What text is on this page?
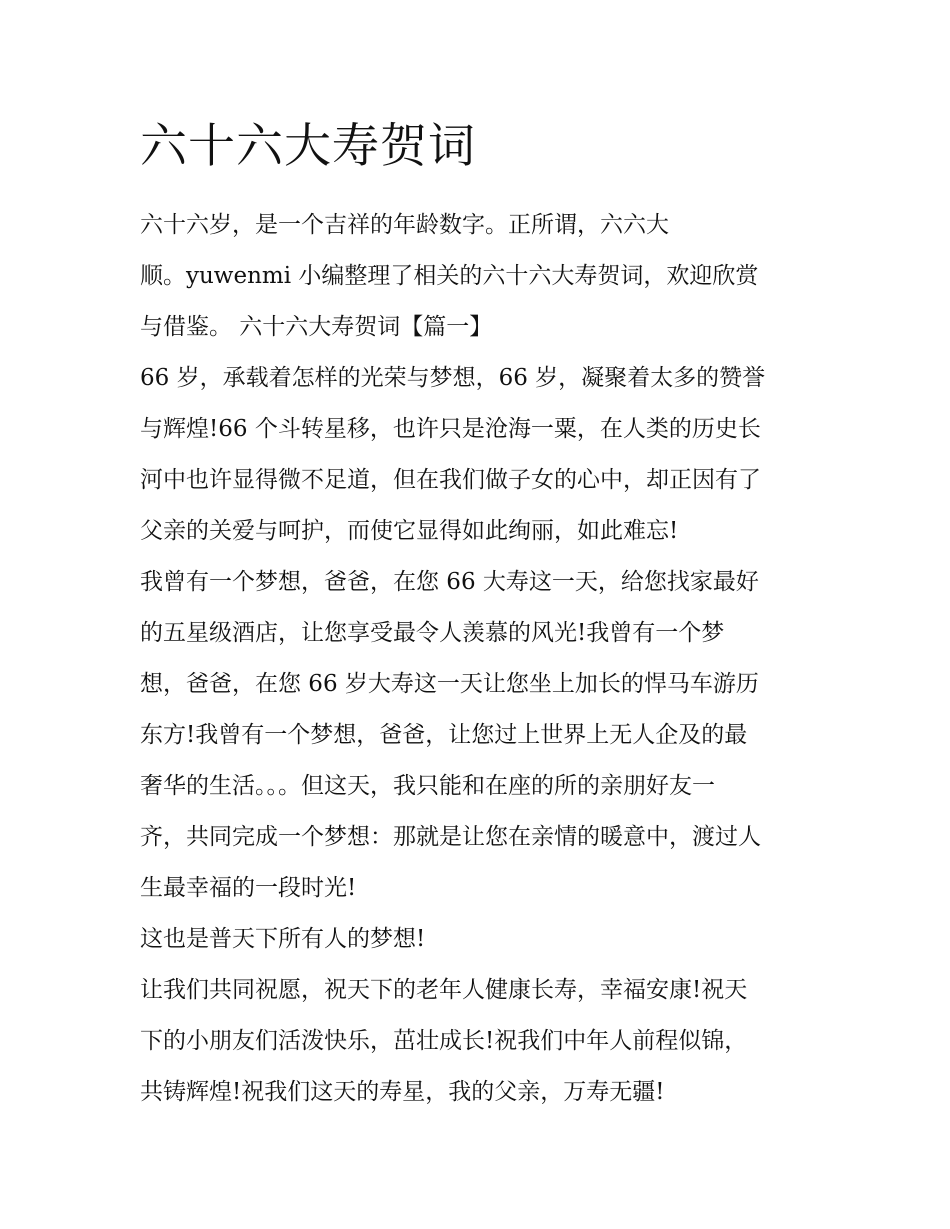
六十六大寿贺词
六十六岁，是一个吉祥的年龄数字。正所谓，六六大
顺。yuwenmi 小编整理了相关的六十六大寿贺词，欢迎欣赏
与借鉴。 六十六大寿贺词【篇一】
66 岁，承载着怎样的光荣与梦想，66 岁，凝聚着太多的赞誉
与辉煌!66 个斗转星移，也许只是沧海一粟，在人类的历史长
河中也许显得微不足道，但在我们做子女的心中，却正因有了
父亲的关爱与呵护，而使它显得如此绚丽，如此难忘!
我曾有一个梦想，爸爸，在您 66 大寿这一天，给您找家最好
的五星级酒店，让您享受最令人羡慕的风光!我曾有一个梦
想，爸爸，在您 66 岁大寿这一天让您坐上加长的悍马车游历
东方!我曾有一个梦想，爸爸，让您过上世界上无人企及的最
奢华的生活。。。但这天，我只能和在座的所的亲朋好友一
齐，共同完成一个梦想：那就是让您在亲情的暖意中，渡过人
生最幸福的一段时光!
这也是普天下所有人的梦想!
让我们共同祝愿，祝天下的老年人健康长寿，幸福安康!祝天
下的小朋友们活泼快乐，茁壮成长!祝我们中年人前程似锦，
共铸辉煌!祝我们这天的寿星，我的父亲，万寿无疆!
